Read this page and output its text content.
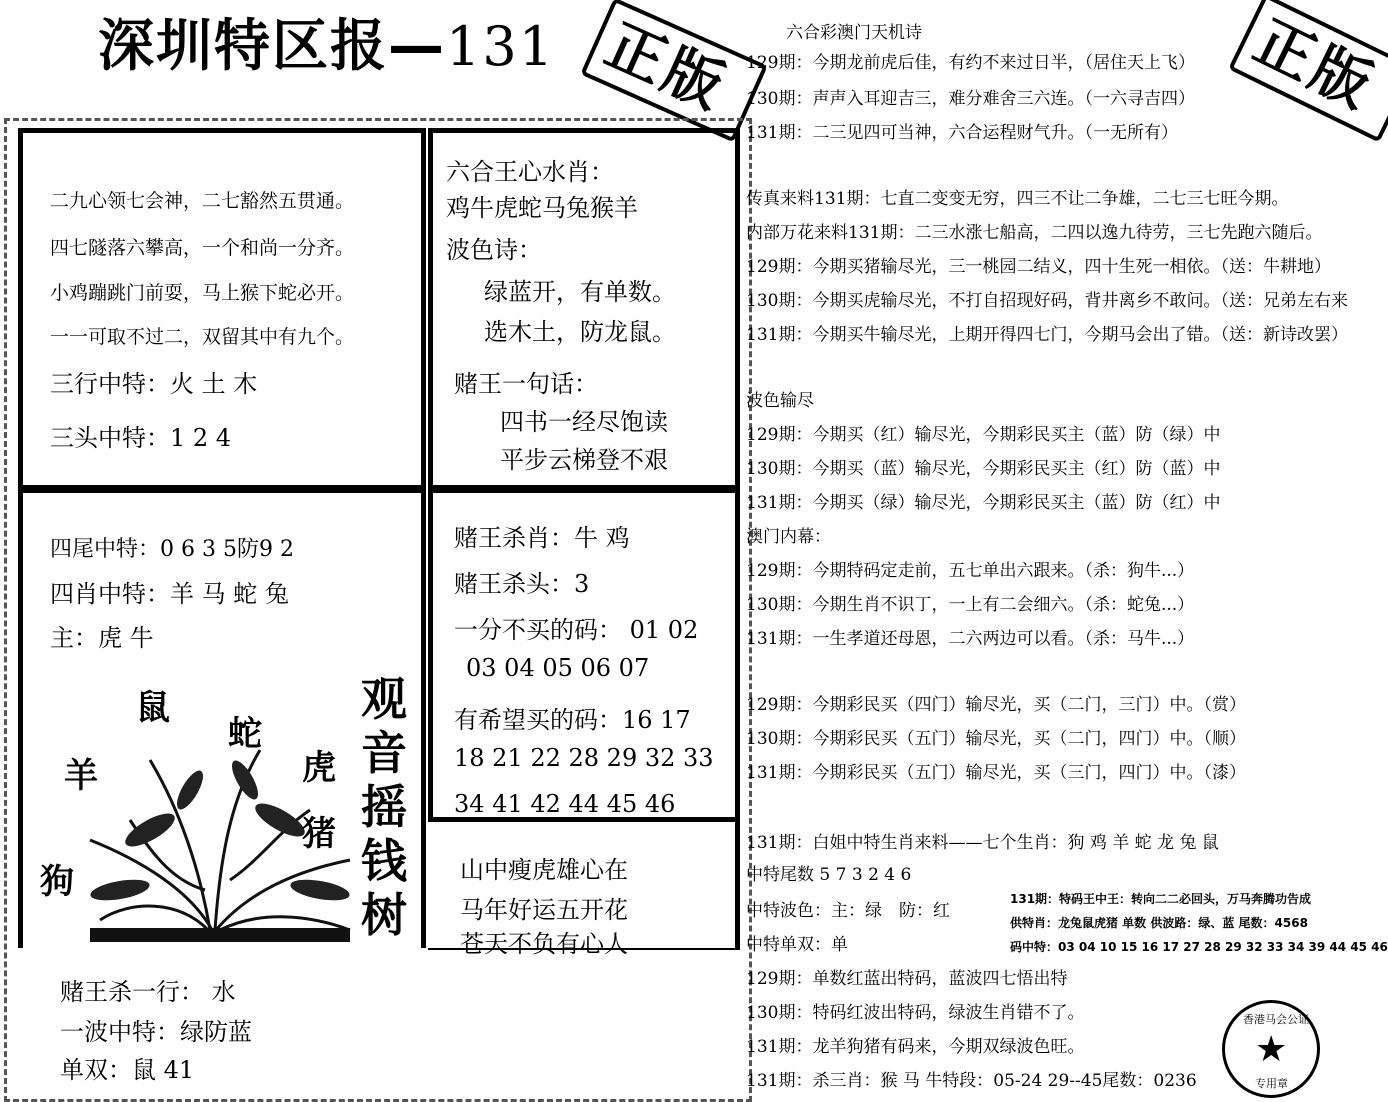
深圳特区报—131 正版
二九心领七会神，二七豁然五贯通。
四七隧落六攀高，一个和尚一分齐。
小鸡蹦跳门前耍，马上猴下蛇必开。
一一可取不过二，双留其中有九个。
三行中特：火 土 木
三头中特：1 2 4
六合王心水肖：
鸡牛虎蛇马兔猴羊
波色诗：
绿蓝开，有单数。
选木土，防龙鼠。
赌王一句话：
四书一经尽饱读
平步云梯登不艰
四尾中特：0 6 3 5防9 2
四肖中特：羊 马 蛇 兔
主：虎 牛
鼠
蛇
羊	虎
猪
狗
观音摇钱树
赌王杀一行： 水
一波中特：绿防蓝
单双：鼠 41
赌王杀肖：牛 鸡
赌王杀头：3
一分不买的码： 01 02
03 04 05 06 07
有希望买的码：16 17
18 21 22 28 29 32 33
34 41 42 44 45 46
山中瘦虎雄心在
马年好运五开花
苍天不负有心人
六合彩澳门天机诗
129期：今期龙前虎后佳，有约不来过日半，（居住天上飞）
130期：声声入耳迎吉三，难分难舍三六连。（一六寻吉四）
131期：二三见四可当神，六合运程财气升。（一无所有）
正版
传真来料131期：七直二变变无穷，四三不让二争雄，二七三七旺今期。
内部万花来料131期：二三水涨七船高，二四以逸九待劳，三七先跑六随后。
129期：今期买猪输尽光，三一桃园二结义，四十生死一相依。（送：牛耕地）
130期：今期买虎输尽光，不打自招现好码，背井离乡不敢问。（送：兄弟左右来
131期：今期买牛输尽光，上期开得四七门，今期马会出了错。（送：新诗改罢）
波色输尽
129期：今期买（红）输尽光，今期彩民买主（蓝）防（绿）中
130期：今期买（蓝）输尽光，今期彩民买主（红）防（蓝）中
131期：今期买（绿）输尽光，今期彩民买主（蓝）防（红）中
澳门内幕：
129期：今期特码定走前，五七单出六跟来。（杀：狗牛...）
130期：今期生肖不识丁，一上有二会细六。（杀：蛇兔...）
131期：一生孝道还母恩，二六两边可以看。（杀：马牛...）
129期：今期彩民买（四门）输尽光，买（二门，三门）中。（赏）
130期：今期彩民买（五门）输尽光，买（二门，四门）中。（顺）
131期：今期彩民买（五门）输尽光，买（三门，四门）中。（漆）
131期：白姐中特生肖来料——七个生肖：狗 鸡 羊 蛇 龙 兔 鼠
中特尾数 5 7 3 2 4 6
中特波色：主：绿　防：红
中特单双：单
131期：特码王中王：转向二二必回头，万马奔腾功告成
供特肖：龙兔鼠虎猪 单数 供波路：绿、蓝 尾数：4568
码中特：03 04 10 15 16 17 27 28 29 32 33 34 39 44 45 46
129期：单数红蓝出特码，蓝波四七悟出特
130期：特码红波出特码，绿波生肖错不了。
131期：龙羊狗猪有码来，今期双绿波色旺。
131期：杀三肖：猴 马 牛特段：05-24 29--45尾数：0236
香港马会公证
★
专用章
